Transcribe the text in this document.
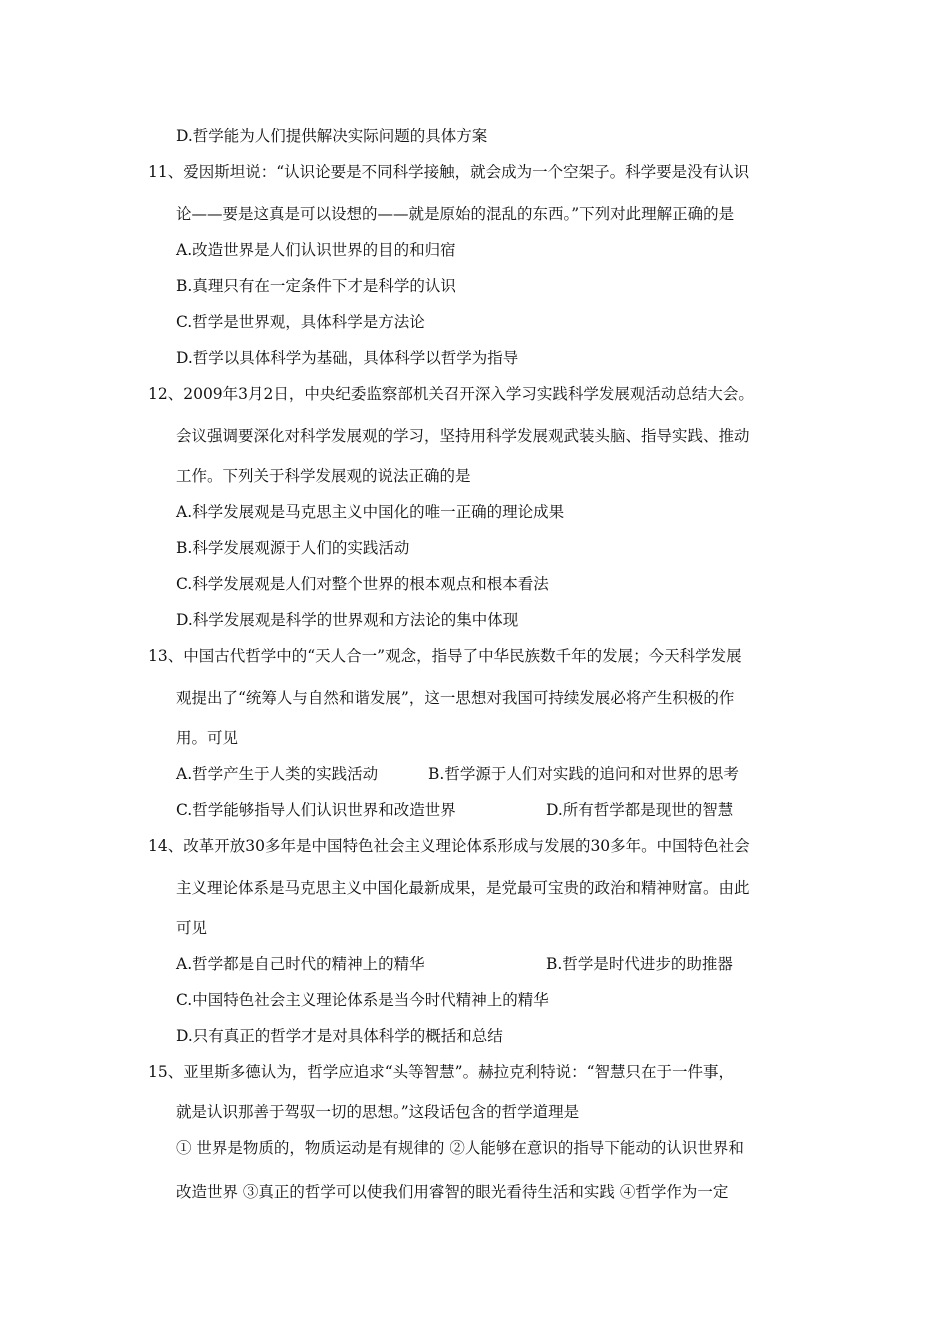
D.哲学能为人们提供解决实际问题的具体方案
11、爱因斯坦说：“认识论要是不同科学接触，就会成为一个空架子。科学要是没有认识
论——要是这真是可以设想的——就是原始的混乱的东西。”下列对此理解正确的是
A.改造世界是人们认识世界的目的和归宿
B.真理只有在一定条件下才是科学的认识
C.哲学是世界观，具体科学是方法论
D.哲学以具体科学为基础，具体科学以哲学为指导
12、2009年3月2日，中央纪委监察部机关召开深入学习实践科学发展观活动总结大会。
会议强调要深化对科学发展观的学习，坚持用科学发展观武装头脑、指导实践、推动
工作。下列关于科学发展观的说法正确的是
A.科学发展观是马克思主义中国化的唯一正确的理论成果
B.科学发展观源于人们的实践活动
C.科学发展观是人们对整个世界的根本观点和根本看法
D.科学发展观是科学的世界观和方法论的集中体现
13、中国古代哲学中的“天人合一”观念，指导了中华民族数千年的发展；今天科学发展
观提出了“统筹人与自然和谐发展”，这一思想对我国可持续发展必将产生积极的作
用。可见
A.哲学产生于人类的实践活动	B.哲学源于人们对实践的追问和对世界的思考
C.哲学能够指导人们认识世界和改造世界	D.所有哲学都是现世的智慧
14、改革开放30多年是中国特色社会主义理论体系形成与发展的30多年。中国特色社会
主义理论体系是马克思主义中国化最新成果，是党最可宝贵的政治和精神财富。由此
可见
A.哲学都是自己时代的精神上的精华	B.哲学是时代进步的助推器
C.中国特色社会主义理论体系是当今时代精神上的精华
D.只有真正的哲学才是对具体科学的概括和总结
15、亚里斯多德认为，哲学应追求“头等智慧”。赫拉克利特说：“智慧只在于一件事，
就是认识那善于驾驭一切的思想。”这段话包含的哲学道理是
① 世界是物质的，物质运动是有规律的 ②人能够在意识的指导下能动的认识世界和
改造世界 ③真正的哲学可以使我们用睿智的眼光看待生活和实践 ④哲学作为一定
